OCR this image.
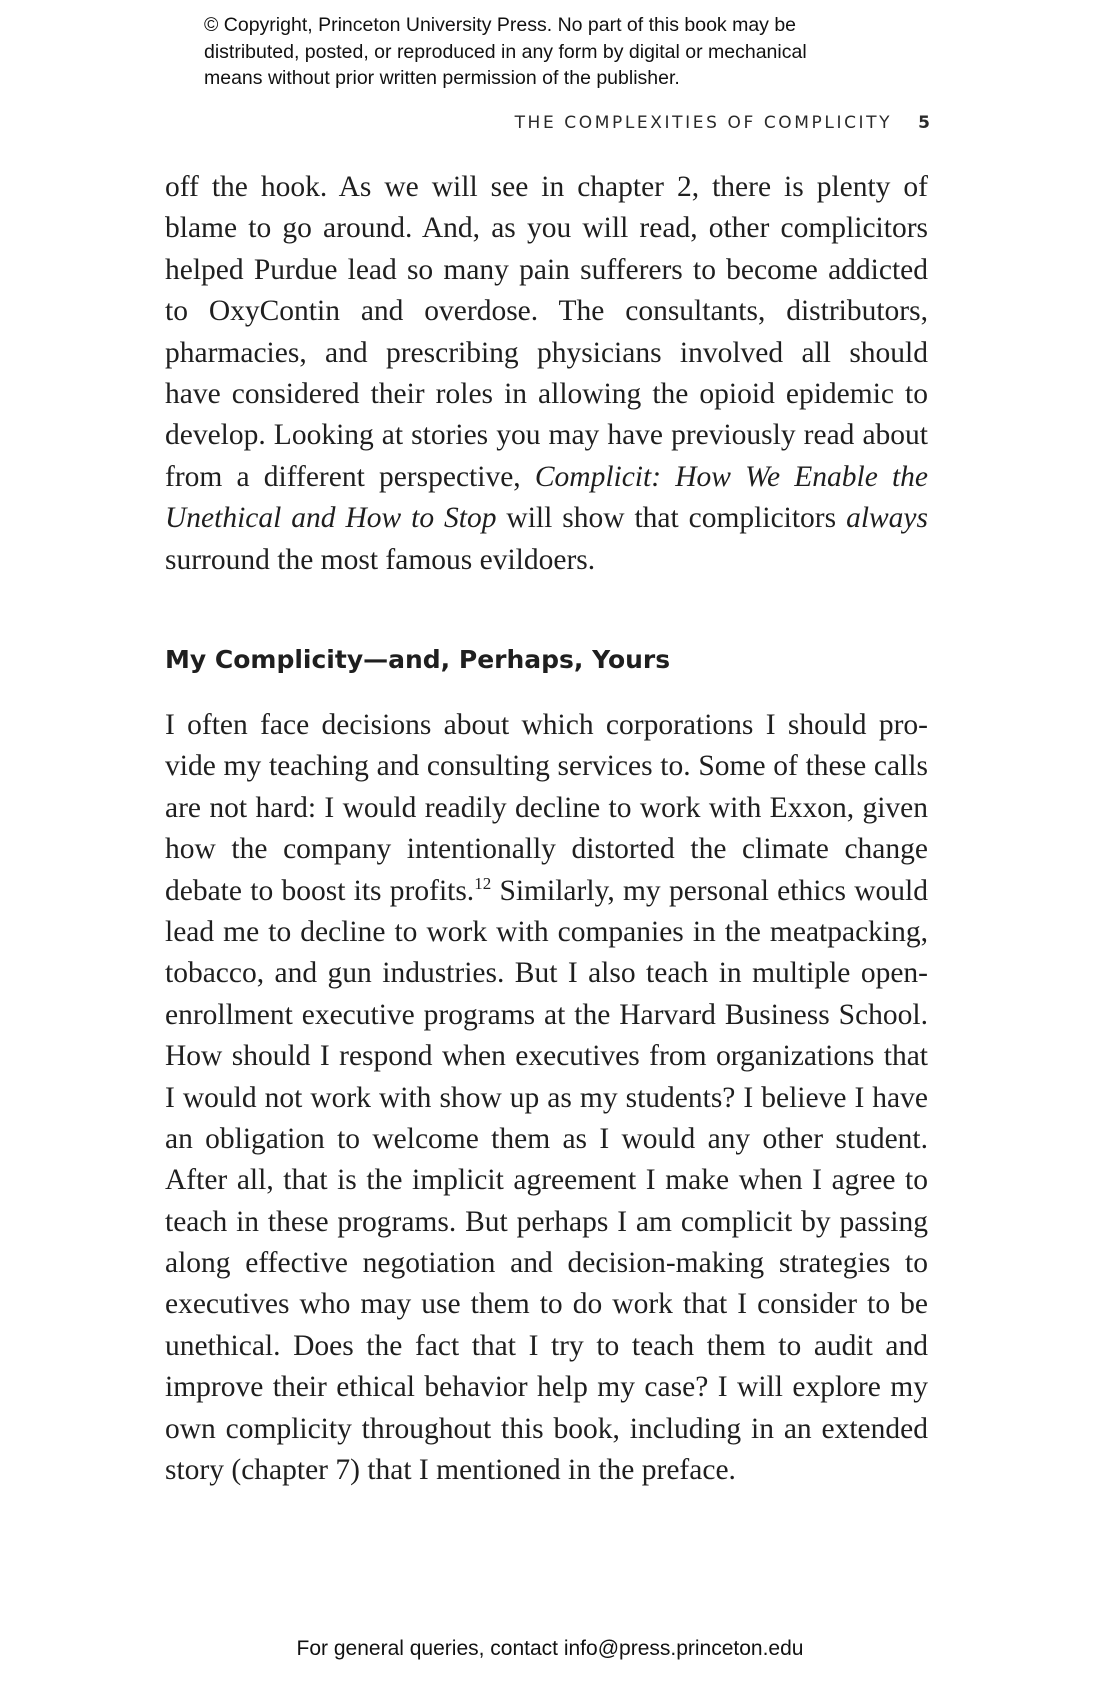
© Copyright, Princeton University Press. No part of this book may be
distributed, posted, or reproduced in any form by digital or mechanical
means without prior written permission of the publisher.
THE COMPLEXITIES OF COMPLICITY 5
off the hook. As we will see in chapter 2, there is plenty of
blame to go around. And, as you will read, other complicitors
helped Purdue lead so many pain sufferers to become addicted
to OxyContin and overdose. The consultants, distributors,
pharmacies, and prescribing physicians involved all should
have considered their roles in allowing the opioid epidemic to
develop. Looking at stories you may have previously read about
from a different perspective, Complicit: How We Enable the
Unethical and How to Stop will show that complicitors always
surround the most famous evildoers.
My Complicity—and, Perhaps, Yours
I often face decisions about which corporations I should pro-
vide my teaching and consulting services to. Some of these calls
are not hard: I would readily decline to work with Exxon, given
how the company intentionally distorted the climate change
debate to boost its profits.$^{12}$ Similarly, my personal ethics would
lead me to decline to work with companies in the meatpacking,
tobacco, and gun industries. But I also teach in multiple open-
enrollment executive programs at the Harvard Business School.
How should I respond when executives from organizations that
I would not work with show up as my students? I believe I have
an obligation to welcome them as I would any other student.
After all, that is the implicit agreement I make when I agree to
teach in these programs. But perhaps I am complicit by passing
along effective negotiation and decision-making strategies to
executives who may use them to do work that I consider to be
unethical. Does the fact that I try to teach them to audit and
improve their ethical behavior help my case? I will explore my
own complicity throughout this book, including in an extended
story (chapter 7) that I mentioned in the preface.
For general queries, contact info@press.princeton.edu
